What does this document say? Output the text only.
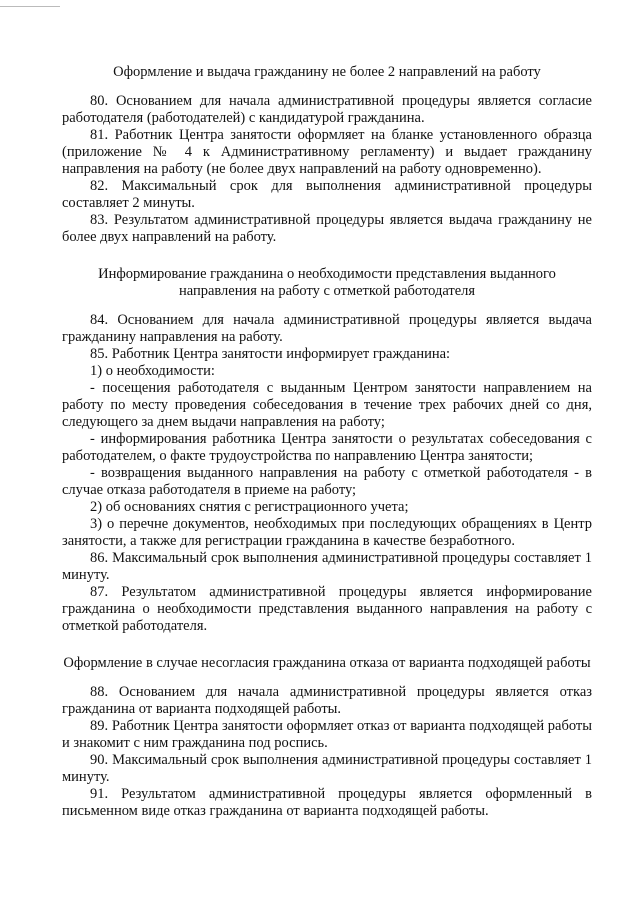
Оформление и выдача гражданину не более 2 направлений на работу

80. Основанием для начала административной процедуры является согласие работодателя (работодателей) с кандидатурой гражданина.

81. Работник Центра занятости оформляет на бланке установленного образца (приложение № 4 к Административному регламенту) и выдает гражданину направления на работу (не более двух направлений на работу одновременно).

82. Максимальный срок для выполнения административной процедуры составляет 2 минуты.

83. Результатом административной процедуры является выдача гражданину не более двух направлений на работу.

Информирование гражданина о необходимости представления выданного направления на работу с отметкой работодателя

84. Основанием для начала административной процедуры является выдача гражданину направления на работу.

85. Работник Центра занятости информирует гражданина:

1) о необходимости:

- посещения работодателя с выданным Центром занятости направлением на работу по месту проведения собеседования в течение трех рабочих дней со дня, следующего за днем выдачи направления на работу;

- информирования работника Центра занятости о результатах собеседования с работодателем, о факте трудоустройства по направлению Центра занятости;

- возвращения выданного направления на работу с отметкой работодателя - в случае отказа работодателя в приеме на работу;

2) об основаниях снятия с регистрационного учета;

3) о перечне документов, необходимых при последующих обращениях в Центр занятости, а также для регистрации гражданина в качестве безработного.

86. Максимальный срок выполнения административной процедуры составляет 1 минуту.

87. Результатом административной процедуры является информирование гражданина о необходимости представления выданного направления на работу с отметкой работодателя.

Оформление в случае несогласия гражданина отказа от варианта подходящей работы

88. Основанием для начала административной процедуры является отказ гражданина от варианта подходящей работы.

89. Работник Центра занятости оформляет отказ от варианта подходящей работы и знакомит с ним гражданина под роспись.

90. Максимальный срок выполнения административной процедуры составляет 1 минуту.

91. Результатом административной процедуры является оформленный в письменном виде отказ гражданина от варианта подходящей работы.
